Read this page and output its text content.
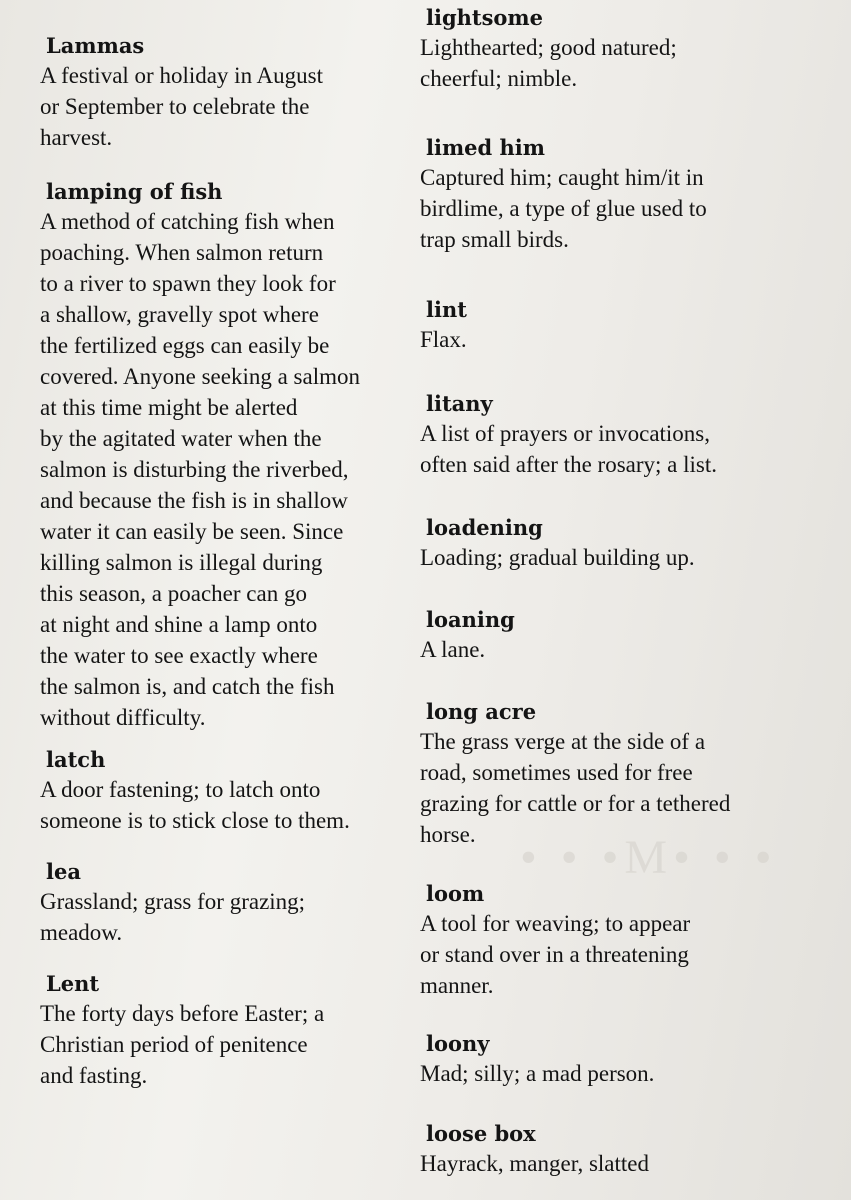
• • •M• • •
Lammas
A festival or holiday in August
or September to celebrate the
harvest.
lamping of fish
A method of catching fish when
poaching. When salmon return
to a river to spawn they look for
a shallow, gravelly spot where
the fertilized eggs can easily be
covered. Anyone seeking a salmon
at this time might be alerted
by the agitated water when the
salmon is disturbing the riverbed,
and because the fish is in shallow
water it can easily be seen. Since
killing salmon is illegal during
this season, a poacher can go
at night and shine a lamp onto
the water to see exactly where
the salmon is, and catch the fish
without difficulty.
latch
A door fastening; to latch onto
someone is to stick close to them.
lea
Grassland; grass for grazing;
meadow.
Lent
The forty days before Easter; a
Christian period of penitence
and fasting.
lightsome
Lighthearted; good natured;
cheerful; nimble.
limed him
Captured him; caught him/it in
birdlime, a type of glue used to
trap small birds.
lint
Flax.
litany
A list of prayers or invocations,
often said after the rosary; a list.
loadening
Loading; gradual building up.
loaning
A lane.
long acre
The grass verge at the side of a
road, sometimes used for free
grazing for cattle or for a tethered
horse.
loom
A tool for weaving; to appear
or stand over in a threatening
manner.
loony
Mad; silly; a mad person.
loose box
Hayrack, manger, slatted
